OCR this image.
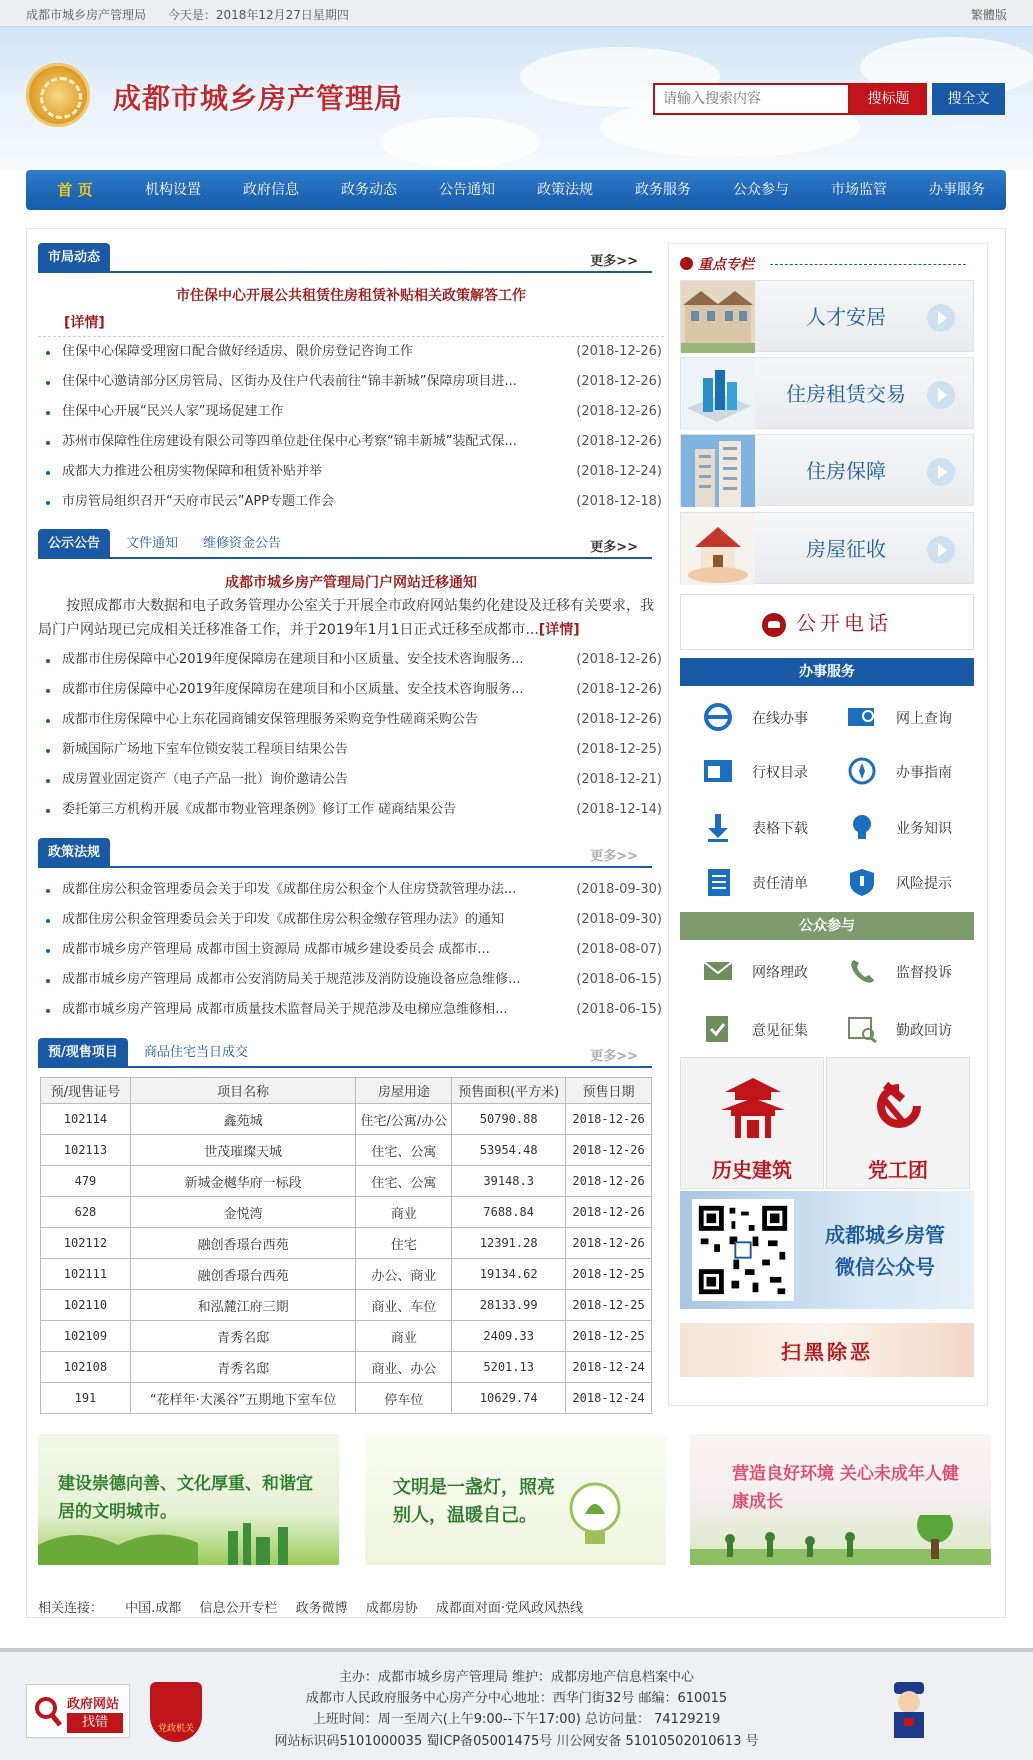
成都市城乡房产管理局 今天是：2018年12月27日星期四	繁體版
成都市城乡房产管理局
请输入搜索内容	搜标题	搜全文
首 页	机构设置	政府信息	政务动态	公告通知	政策法规	政务服务	公众参与	市场监管	办事服务
市局动态	更多>>
市住保中心开展公共租赁住房租赁补贴相关政策解答工作
[详情]
住保中心保障受理窗口配合做好经适房、限价房登记咨询工作	(2018-12-26)
住保中心邀请部分区房管局、区街办及住户代表前往“锦丰新城”保障房项目进...	(2018-12-26)
住保中心开展“民兴人家”现场促建工作	(2018-12-26)
苏州市保障性住房建设有限公司等四单位赴住保中心考察“锦丰新城”装配式保...	(2018-12-26)
成都大力推进公租房实物保障和租赁补贴并举	(2018-12-24)
市房管局组织召开“天府市民云”APP专题工作会	(2018-12-18)
公示公告	文件通知	维修资金公告	更多>>
成都市城乡房产管理局门户网站迁移通知
按照成都市大数据和电子政务管理办公室关于开展全市政府网站集约化建设及迁移有关要求，我局门户网站现已完成相关迁移准备工作，并于2019年1月1日正式迁移至成都市...[详情]
成都市住房保障中心2019年度保障房在建项目和小区质量、安全技术咨询服务...	(2018-12-26)
成都市住房保障中心2019年度保障房在建项目和小区质量、安全技术咨询服务...	(2018-12-26)
成都市住房保障中心上东花园商铺安保管理服务采购竞争性磋商采购公告	(2018-12-26)
新城国际广场地下室车位锁安装工程项目结果公告	(2018-12-25)
成房置业固定资产（电子产品一批）询价邀请公告	(2018-12-21)
委托第三方机构开展《成都市物业管理条例》修订工作 磋商结果公告	(2018-12-14)
政策法规	更多>>
成都住房公积金管理委员会关于印发《成都住房公积金个人住房贷款管理办法...	(2018-09-30)
成都住房公积金管理委员会关于印发《成都住房公积金缴存管理办法》的通知	(2018-09-30)
成都市城乡房产管理局 成都市国土资源局 成都市城乡建设委员会 成都市...	(2018-08-07)
成都市城乡房产管理局 成都市公安消防局关于规范涉及消防设施设备应急维修...	(2018-06-15)
成都市城乡房产管理局 成都市质量技术监督局关于规范涉及电梯应急维修相...	(2018-06-15)
预/现售项目	商品住宅当日成交	更多>>
预/现售证号	项目名称	房屋用途	预售面积(平方米)	预售日期
102114	鑫苑城	住宅/公寓/办公	50790.88	2018-12-26
102113	世茂璀璨天城	住宅、公寓	53954.48	2018-12-26
479	新城金樾华府一标段	住宅、公寓	39148.3	2018-12-26
628	金悦湾	商业	7688.84	2018-12-26
102112	融创香璟台西苑	住宅	12391.28	2018-12-26
102111	融创香璟台西苑	办公、商业	19134.62	2018-12-25
102110	和泓麓江府三期	商业、车位	28133.99	2018-12-25
102109	青秀名邸	商业	2409.33	2018-12-25
102108	青秀名邸	商业、办公	5201.13	2018-12-24
191	“花样年·大溪谷”五期地下室车位	停车位	10629.74	2018-12-24
重点专栏
人才安居
住房租赁交易
住房保障
房屋征收
公开电话
办事服务
在线办事	网上查询
行权目录	办事指南
表格下载	业务知识
责任清单	风险提示
公众参与
网络理政	监督投诉
意见征集	勤政回访
历史建筑	党工团
成都城乡房管
微信公众号
扫黑除恶
建设崇德向善、文化厚重、和谐宜居的文明城市。
文明是一盏灯，照亮别人，温暖自己。
营造良好环境 关心未成年人健康成长
相关连接： 中国.成都 信息公开专栏 政务微博 成都房协 成都面对面·党风政风热线
政府网站
找错	党政机关
主办：成都市城乡房产管理局 维护：成都房地产信息档案中心
成都市人民政府服务中心房产分中心地址：西华门街32号 邮编：610015
上班时间：周一至周六(上午9:00--下午17:00) 总访问量： 74129219
网站标识码5101000035 蜀ICP备05001475号 川公网安备 51010502010613 号
